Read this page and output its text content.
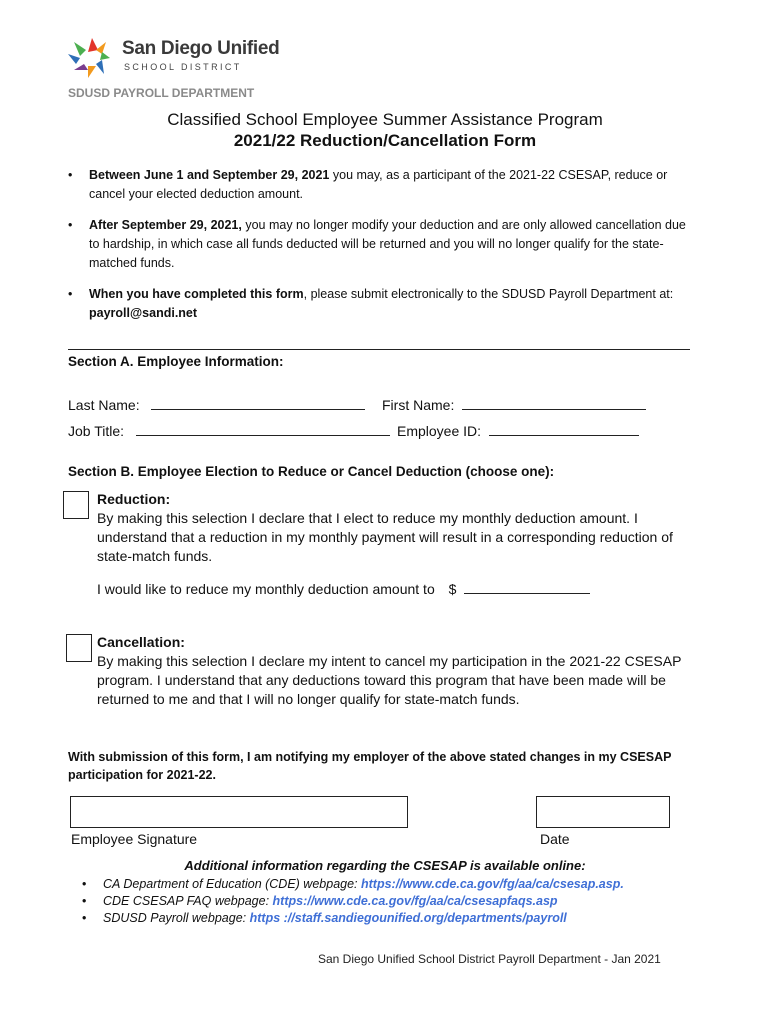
San Diego Unified
SCHOOL DISTRICT
SDUSD PAYROLL DEPARTMENT
Classified School Employee Summer Assistance Program
2021/22 Reduction/Cancellation Form
• Between June 1 and September 29, 2021 you may, as a participant of the 2021-22 CSESAP, reduce or cancel your elected deduction amount.
• After September 29, 2021, you may no longer modify your deduction and are only allowed cancellation due to hardship, in which case all funds deducted will be returned and you will no longer qualify for the state-matched funds.
• When you have completed this form, please submit electronically to the SDUSD Payroll Department at: payroll@sandi.net
Section A. Employee Information:
Last Name:	First Name:
Job Title:	Employee ID:
Section B. Employee Election to Reduce or Cancel Deduction (choose one):
Reduction:
By making this selection I declare that I elect to reduce my monthly deduction amount. I understand that a reduction in my monthly payment will result in a corresponding reduction of state-match funds.
I would like to reduce my monthly deduction amount to $
Cancellation:
By making this selection I declare my intent to cancel my participation in the 2021-22 CSESAP program. I understand that any deductions toward this program that have been made will be returned to me and that I will no longer qualify for state-match funds.
With submission of this form, I am notifying my employer of the above stated changes in my CSESAP participation for 2021-22.
Employee Signature	Date
Additional information regarding the CSESAP is available online:
• CA Department of Education (CDE) webpage: https://www.cde.ca.gov/fg/aa/ca/csesap.asp.
• CDE CSESAP FAQ webpage: https://www.cde.ca.gov/fg/aa/ca/csesapfaqs.asp
• SDUSD Payroll webpage: https ://staff.sandiegounified.org/departments/payroll
San Diego Unified School District Payroll Department - Jan 2021
